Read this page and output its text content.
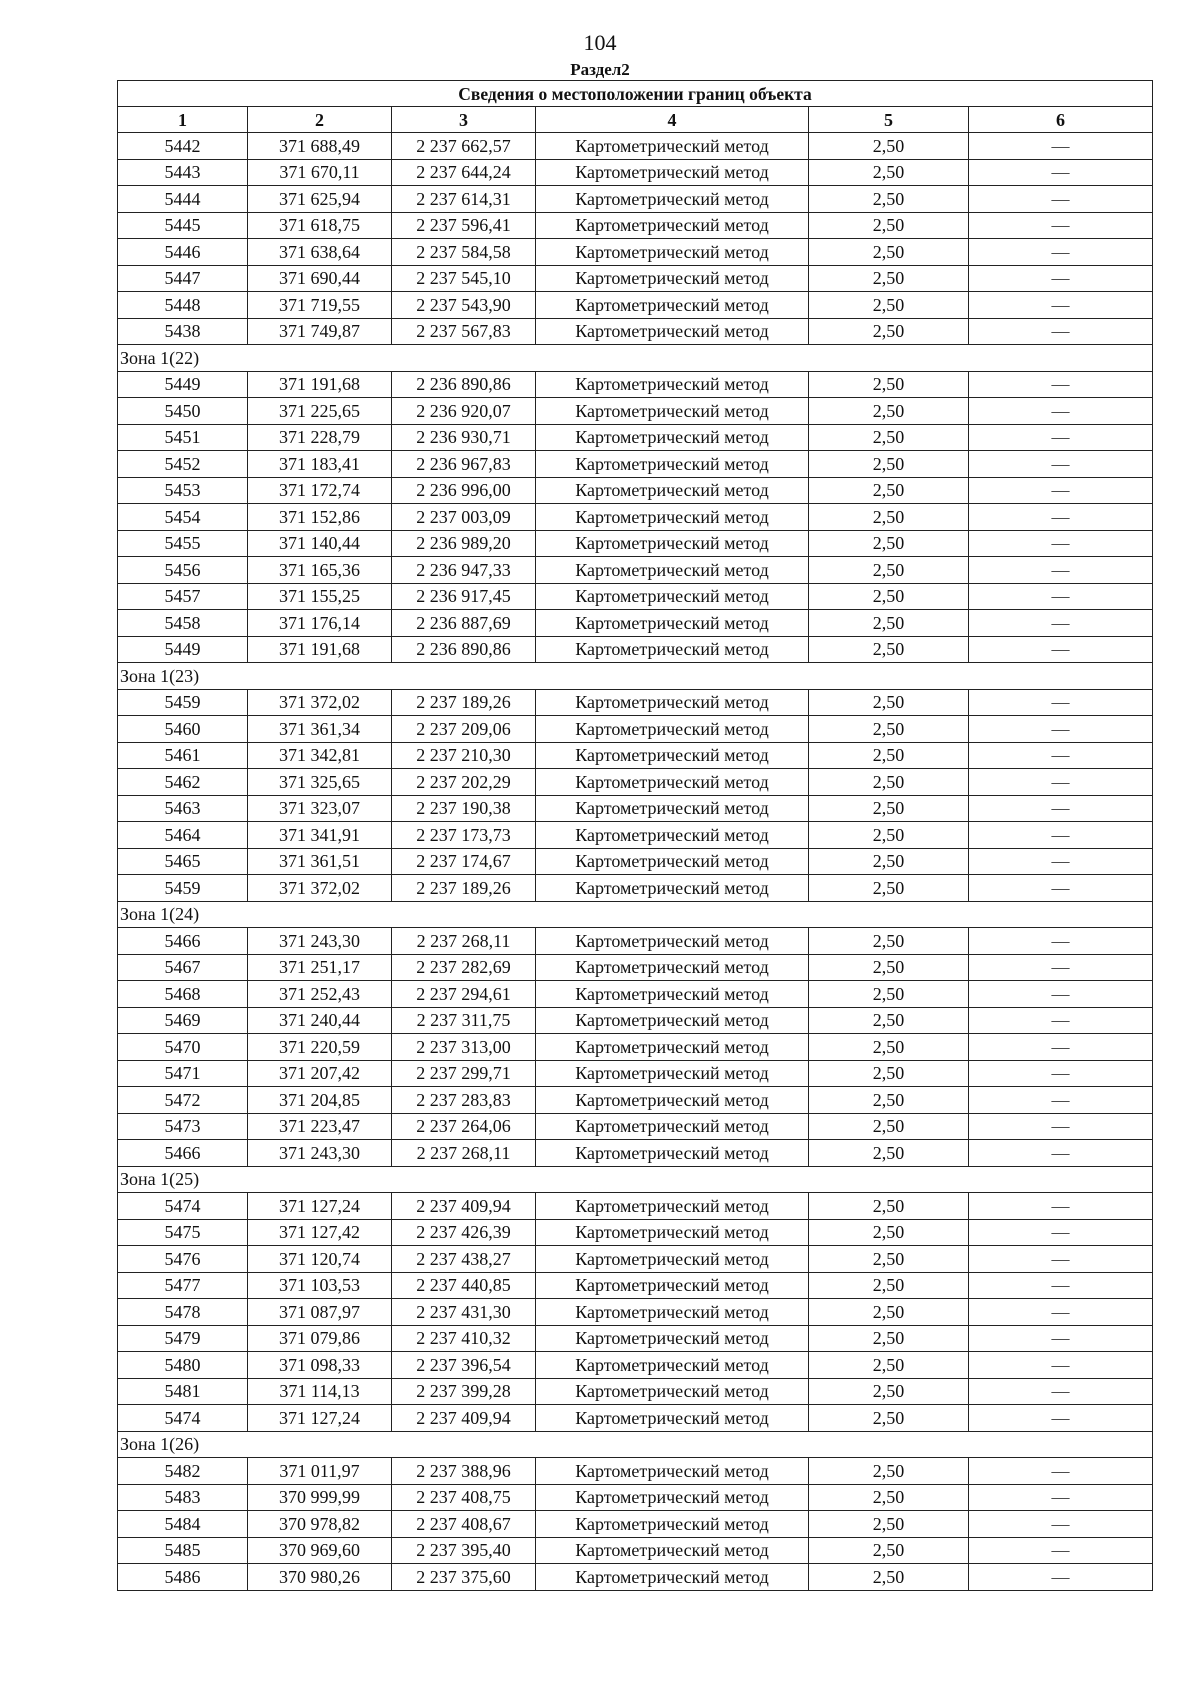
104
Раздел2
Сведения о местоположении границ объекта					
1	2	3	4	5	6
5442	371 688,49	2 237 662,57	Картометрический метод	2,50	—
5443	371 670,11	2 237 644,24	Картометрический метод	2,50	—
5444	371 625,94	2 237 614,31	Картометрический метод	2,50	—
5445	371 618,75	2 237 596,41	Картометрический метод	2,50	—
5446	371 638,64	2 237 584,58	Картометрический метод	2,50	—
5447	371 690,44	2 237 545,10	Картометрический метод	2,50	—
5448	371 719,55	2 237 543,90	Картометрический метод	2,50	—
5438	371 749,87	2 237 567,83	Картометрический метод	2,50	—
Зона 1(22)					
5449	371 191,68	2 236 890,86	Картометрический метод	2,50	—
5450	371 225,65	2 236 920,07	Картометрический метод	2,50	—
5451	371 228,79	2 236 930,71	Картометрический метод	2,50	—
5452	371 183,41	2 236 967,83	Картометрический метод	2,50	—
5453	371 172,74	2 236 996,00	Картометрический метод	2,50	—
5454	371 152,86	2 237 003,09	Картометрический метод	2,50	—
5455	371 140,44	2 236 989,20	Картометрический метод	2,50	—
5456	371 165,36	2 236 947,33	Картометрический метод	2,50	—
5457	371 155,25	2 236 917,45	Картометрический метод	2,50	—
5458	371 176,14	2 236 887,69	Картометрический метод	2,50	—
5449	371 191,68	2 236 890,86	Картометрический метод	2,50	—
Зона 1(23)					
5459	371 372,02	2 237 189,26	Картометрический метод	2,50	—
5460	371 361,34	2 237 209,06	Картометрический метод	2,50	—
5461	371 342,81	2 237 210,30	Картометрический метод	2,50	—
5462	371 325,65	2 237 202,29	Картометрический метод	2,50	—
5463	371 323,07	2 237 190,38	Картометрический метод	2,50	—
5464	371 341,91	2 237 173,73	Картометрический метод	2,50	—
5465	371 361,51	2 237 174,67	Картометрический метод	2,50	—
5459	371 372,02	2 237 189,26	Картометрический метод	2,50	—
Зона 1(24)					
5466	371 243,30	2 237 268,11	Картометрический метод	2,50	—
5467	371 251,17	2 237 282,69	Картометрический метод	2,50	—
5468	371 252,43	2 237 294,61	Картометрический метод	2,50	—
5469	371 240,44	2 237 311,75	Картометрический метод	2,50	—
5470	371 220,59	2 237 313,00	Картометрический метод	2,50	—
5471	371 207,42	2 237 299,71	Картометрический метод	2,50	—
5472	371 204,85	2 237 283,83	Картометрический метод	2,50	—
5473	371 223,47	2 237 264,06	Картометрический метод	2,50	—
5466	371 243,30	2 237 268,11	Картометрический метод	2,50	—
Зона 1(25)					
5474	371 127,24	2 237 409,94	Картометрический метод	2,50	—
5475	371 127,42	2 237 426,39	Картометрический метод	2,50	—
5476	371 120,74	2 237 438,27	Картометрический метод	2,50	—
5477	371 103,53	2 237 440,85	Картометрический метод	2,50	—
5478	371 087,97	2 237 431,30	Картометрический метод	2,50	—
5479	371 079,86	2 237 410,32	Картометрический метод	2,50	—
5480	371 098,33	2 237 396,54	Картометрический метод	2,50	—
5481	371 114,13	2 237 399,28	Картометрический метод	2,50	—
5474	371 127,24	2 237 409,94	Картометрический метод	2,50	—
Зона 1(26)					
5482	371 011,97	2 237 388,96	Картометрический метод	2,50	—
5483	370 999,99	2 237 408,75	Картометрический метод	2,50	—
5484	370 978,82	2 237 408,67	Картометрический метод	2,50	—
5485	370 969,60	2 237 395,40	Картометрический метод	2,50	—
5486	370 980,26	2 237 375,60	Картометрический метод	2,50	—
